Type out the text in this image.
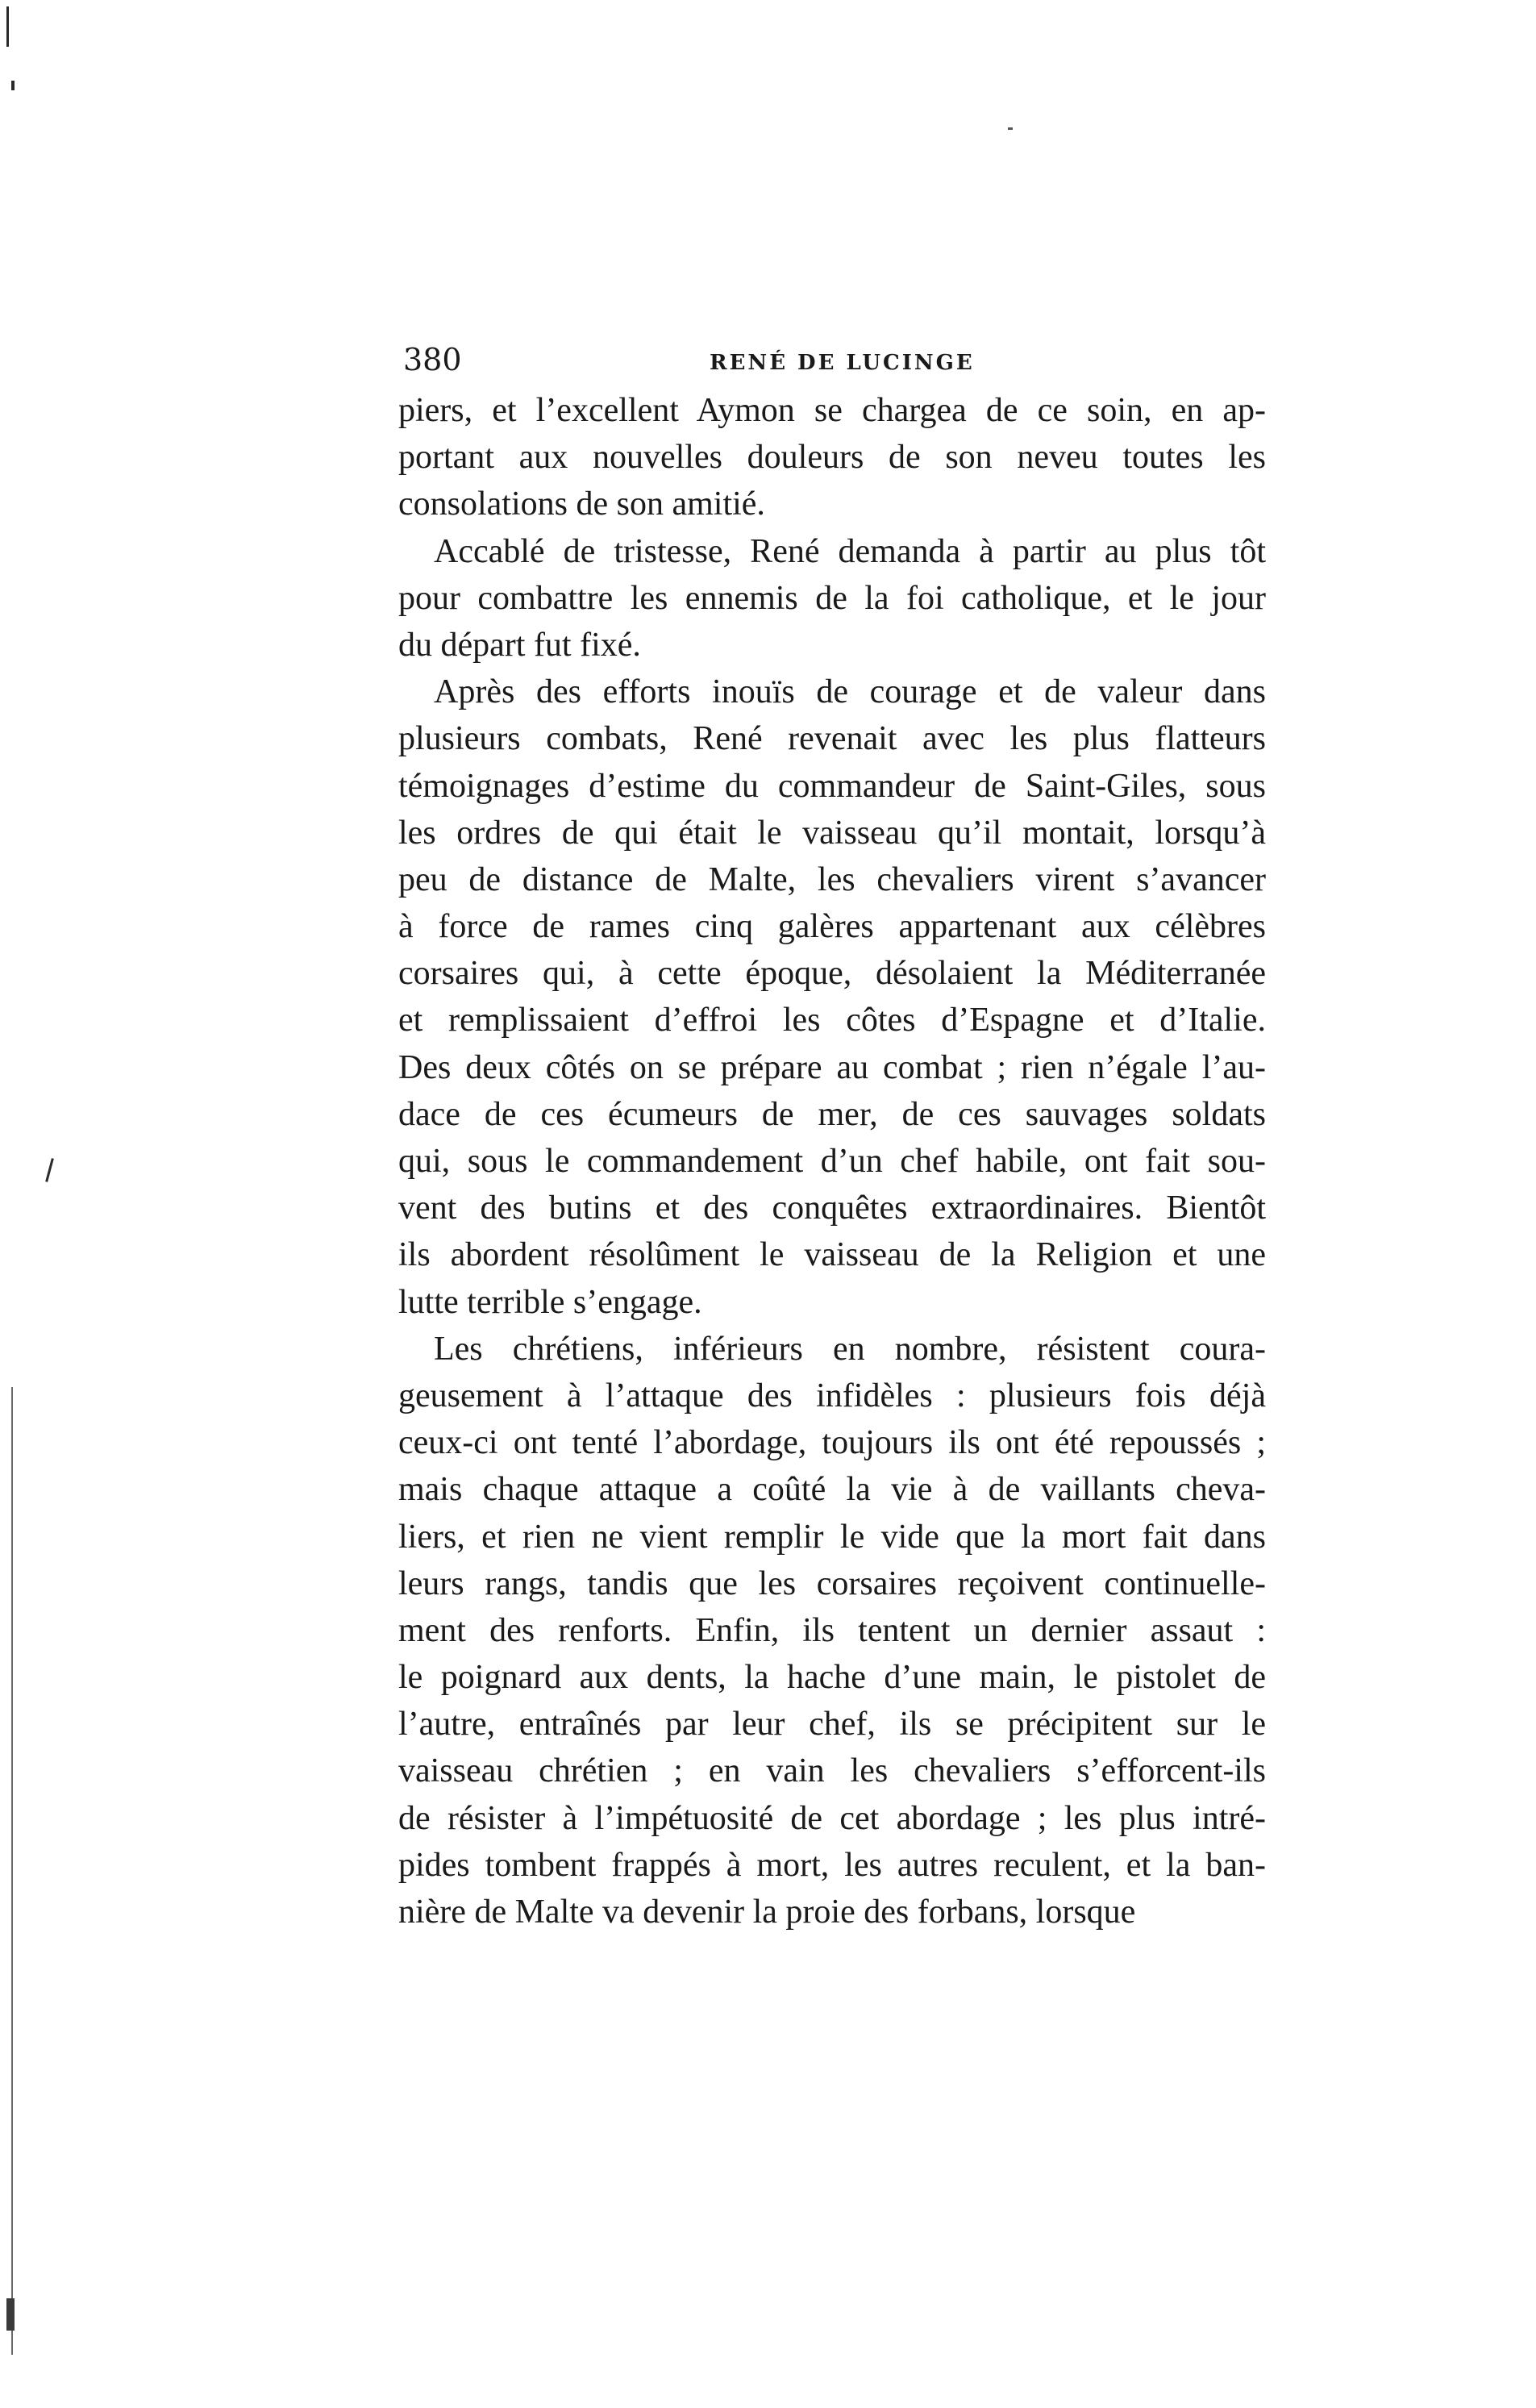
380	RENÉ DE LUCINGE
piers, et l’excellent Aymon se chargea de ce soin, en ap-
portant aux nouvelles douleurs de son neveu toutes les
consolations de son amitié.
Accablé de tristesse, René demanda à partir au plus tôt
pour combattre les ennemis de la foi catholique, et le jour
du départ fut fixé.
Après des efforts inouïs de courage et de valeur dans
plusieurs combats, René revenait avec les plus flatteurs
témoignages d’estime du commandeur de Saint-Giles, sous
les ordres de qui était le vaisseau qu’il montait, lorsqu’à
peu de distance de Malte, les chevaliers virent s’avancer
à force de rames cinq galères appartenant aux célèbres
corsaires qui, à cette époque, désolaient la Méditerranée
et remplissaient d’effroi les côtes d’Espagne et d’Italie.
Des deux côtés on se prépare au combat ; rien n’égale l’au-
dace de ces écumeurs de mer, de ces sauvages soldats
qui, sous le commandement d’un chef habile, ont fait sou-
vent des butins et des conquêtes extraordinaires. Bientôt
ils abordent résolûment le vaisseau de la Religion et une
lutte terrible s’engage.
Les chrétiens, inférieurs en nombre, résistent coura-
geusement à l’attaque des infidèles : plusieurs fois déjà
ceux-ci ont tenté l’abordage, toujours ils ont été repoussés ;
mais chaque attaque a coûté la vie à de vaillants cheva-
liers, et rien ne vient remplir le vide que la mort fait dans
leurs rangs, tandis que les corsaires reçoivent continuelle-
ment des renforts. Enfin, ils tentent un dernier assaut :
le poignard aux dents, la hache d’une main, le pistolet de
l’autre, entraînés par leur chef, ils se précipitent sur le
vaisseau chrétien ; en vain les chevaliers s’efforcent-ils
de résister à l’impétuosité de cet abordage ; les plus intré-
pides tombent frappés à mort, les autres reculent, et la ban-
nière de Malte va devenir la proie des forbans, lorsque
